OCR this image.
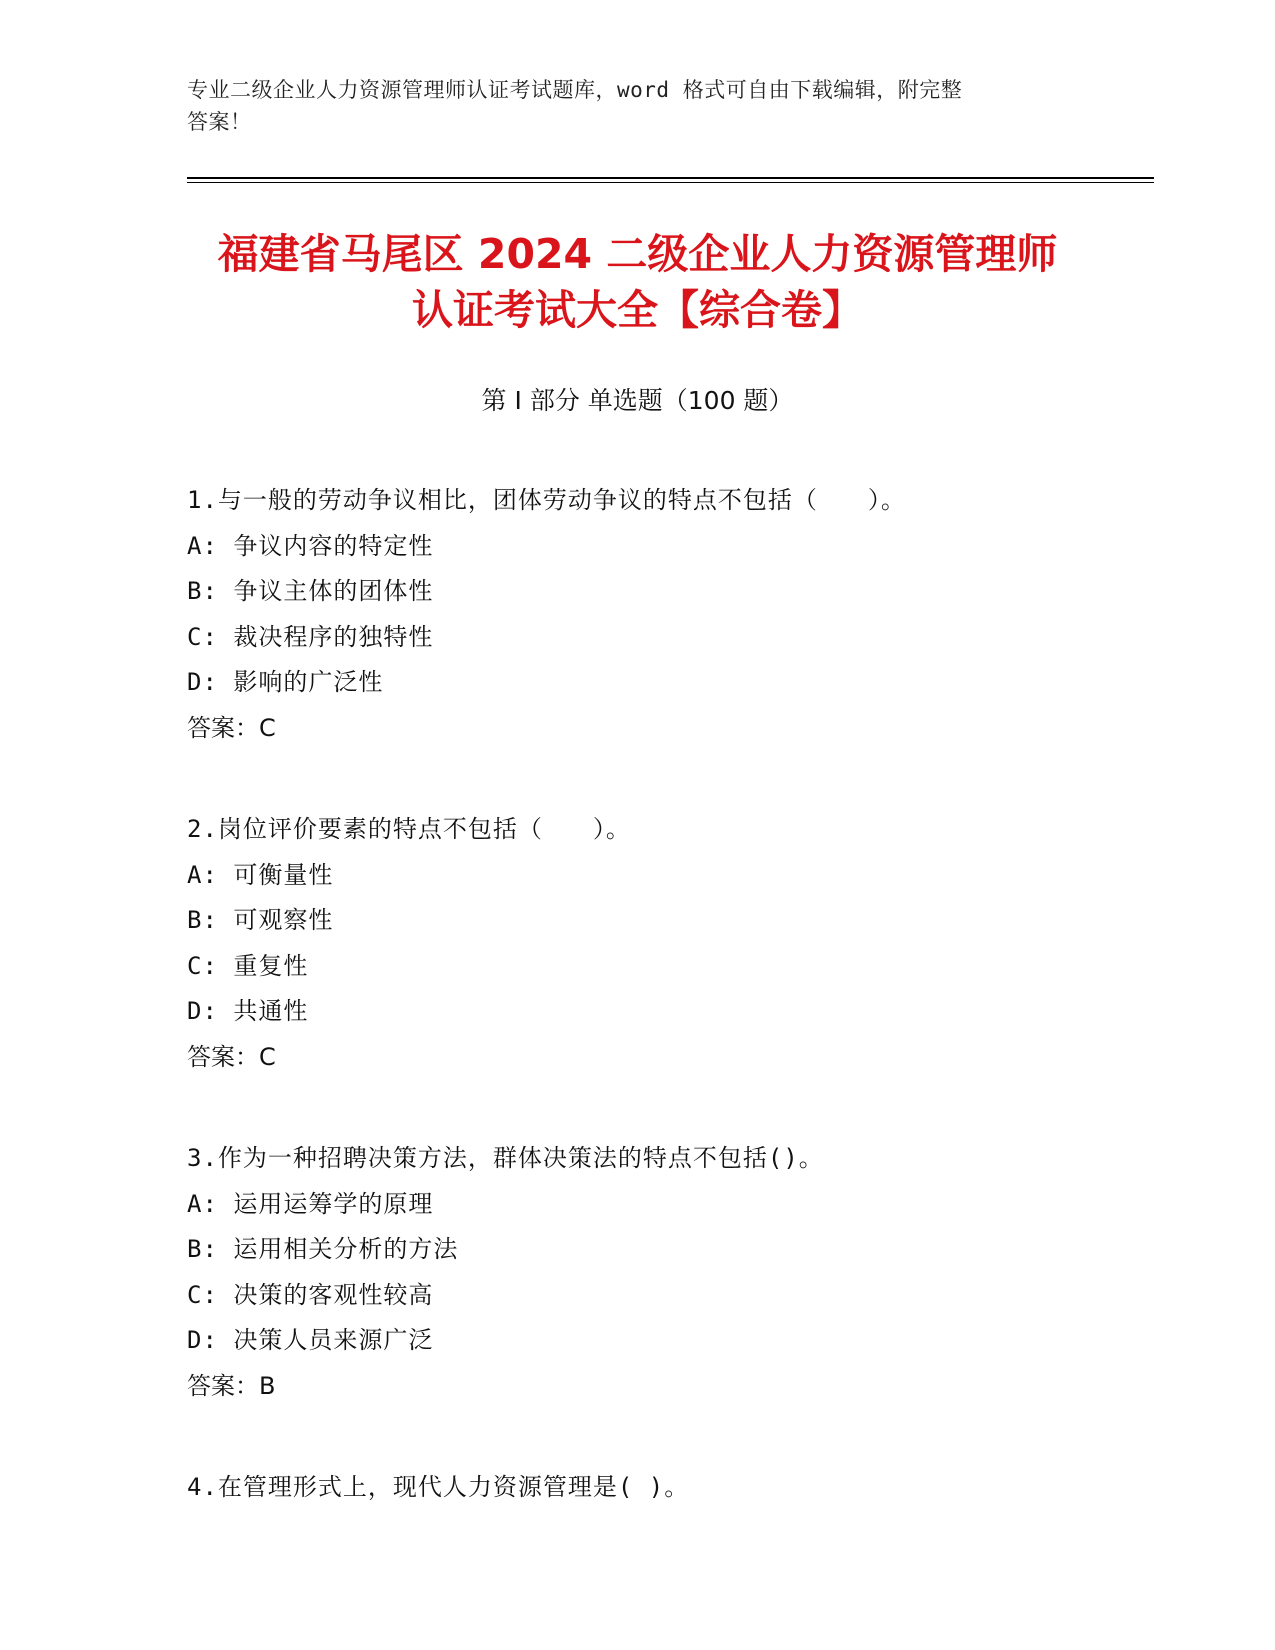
专业二级企业人力资源管理师认证考试题库，word 格式可自由下载编辑，附完整
答案！
福建省马尾区 2024 二级企业人力资源管理师
认证考试大全【综合卷】
第 I 部分 单选题（100 题）
1.与一般的劳动争议相比，团体劳动争议的特点不包括（　　）。
A: 争议内容的特定性
B: 争议主体的团体性
C: 裁决程序的独特性
D: 影响的广泛性
答案：C
2.岗位评价要素的特点不包括（　　）。
A: 可衡量性
B: 可观察性
C: 重复性
D: 共通性
答案：C
3.作为一种招聘决策方法，群体决策法的特点不包括()。
A: 运用运筹学的原理
B: 运用相关分析的方法
C: 决策的客观性较高
D: 决策人员来源广泛
答案：B
4.在管理形式上，现代人力资源管理是( )。
